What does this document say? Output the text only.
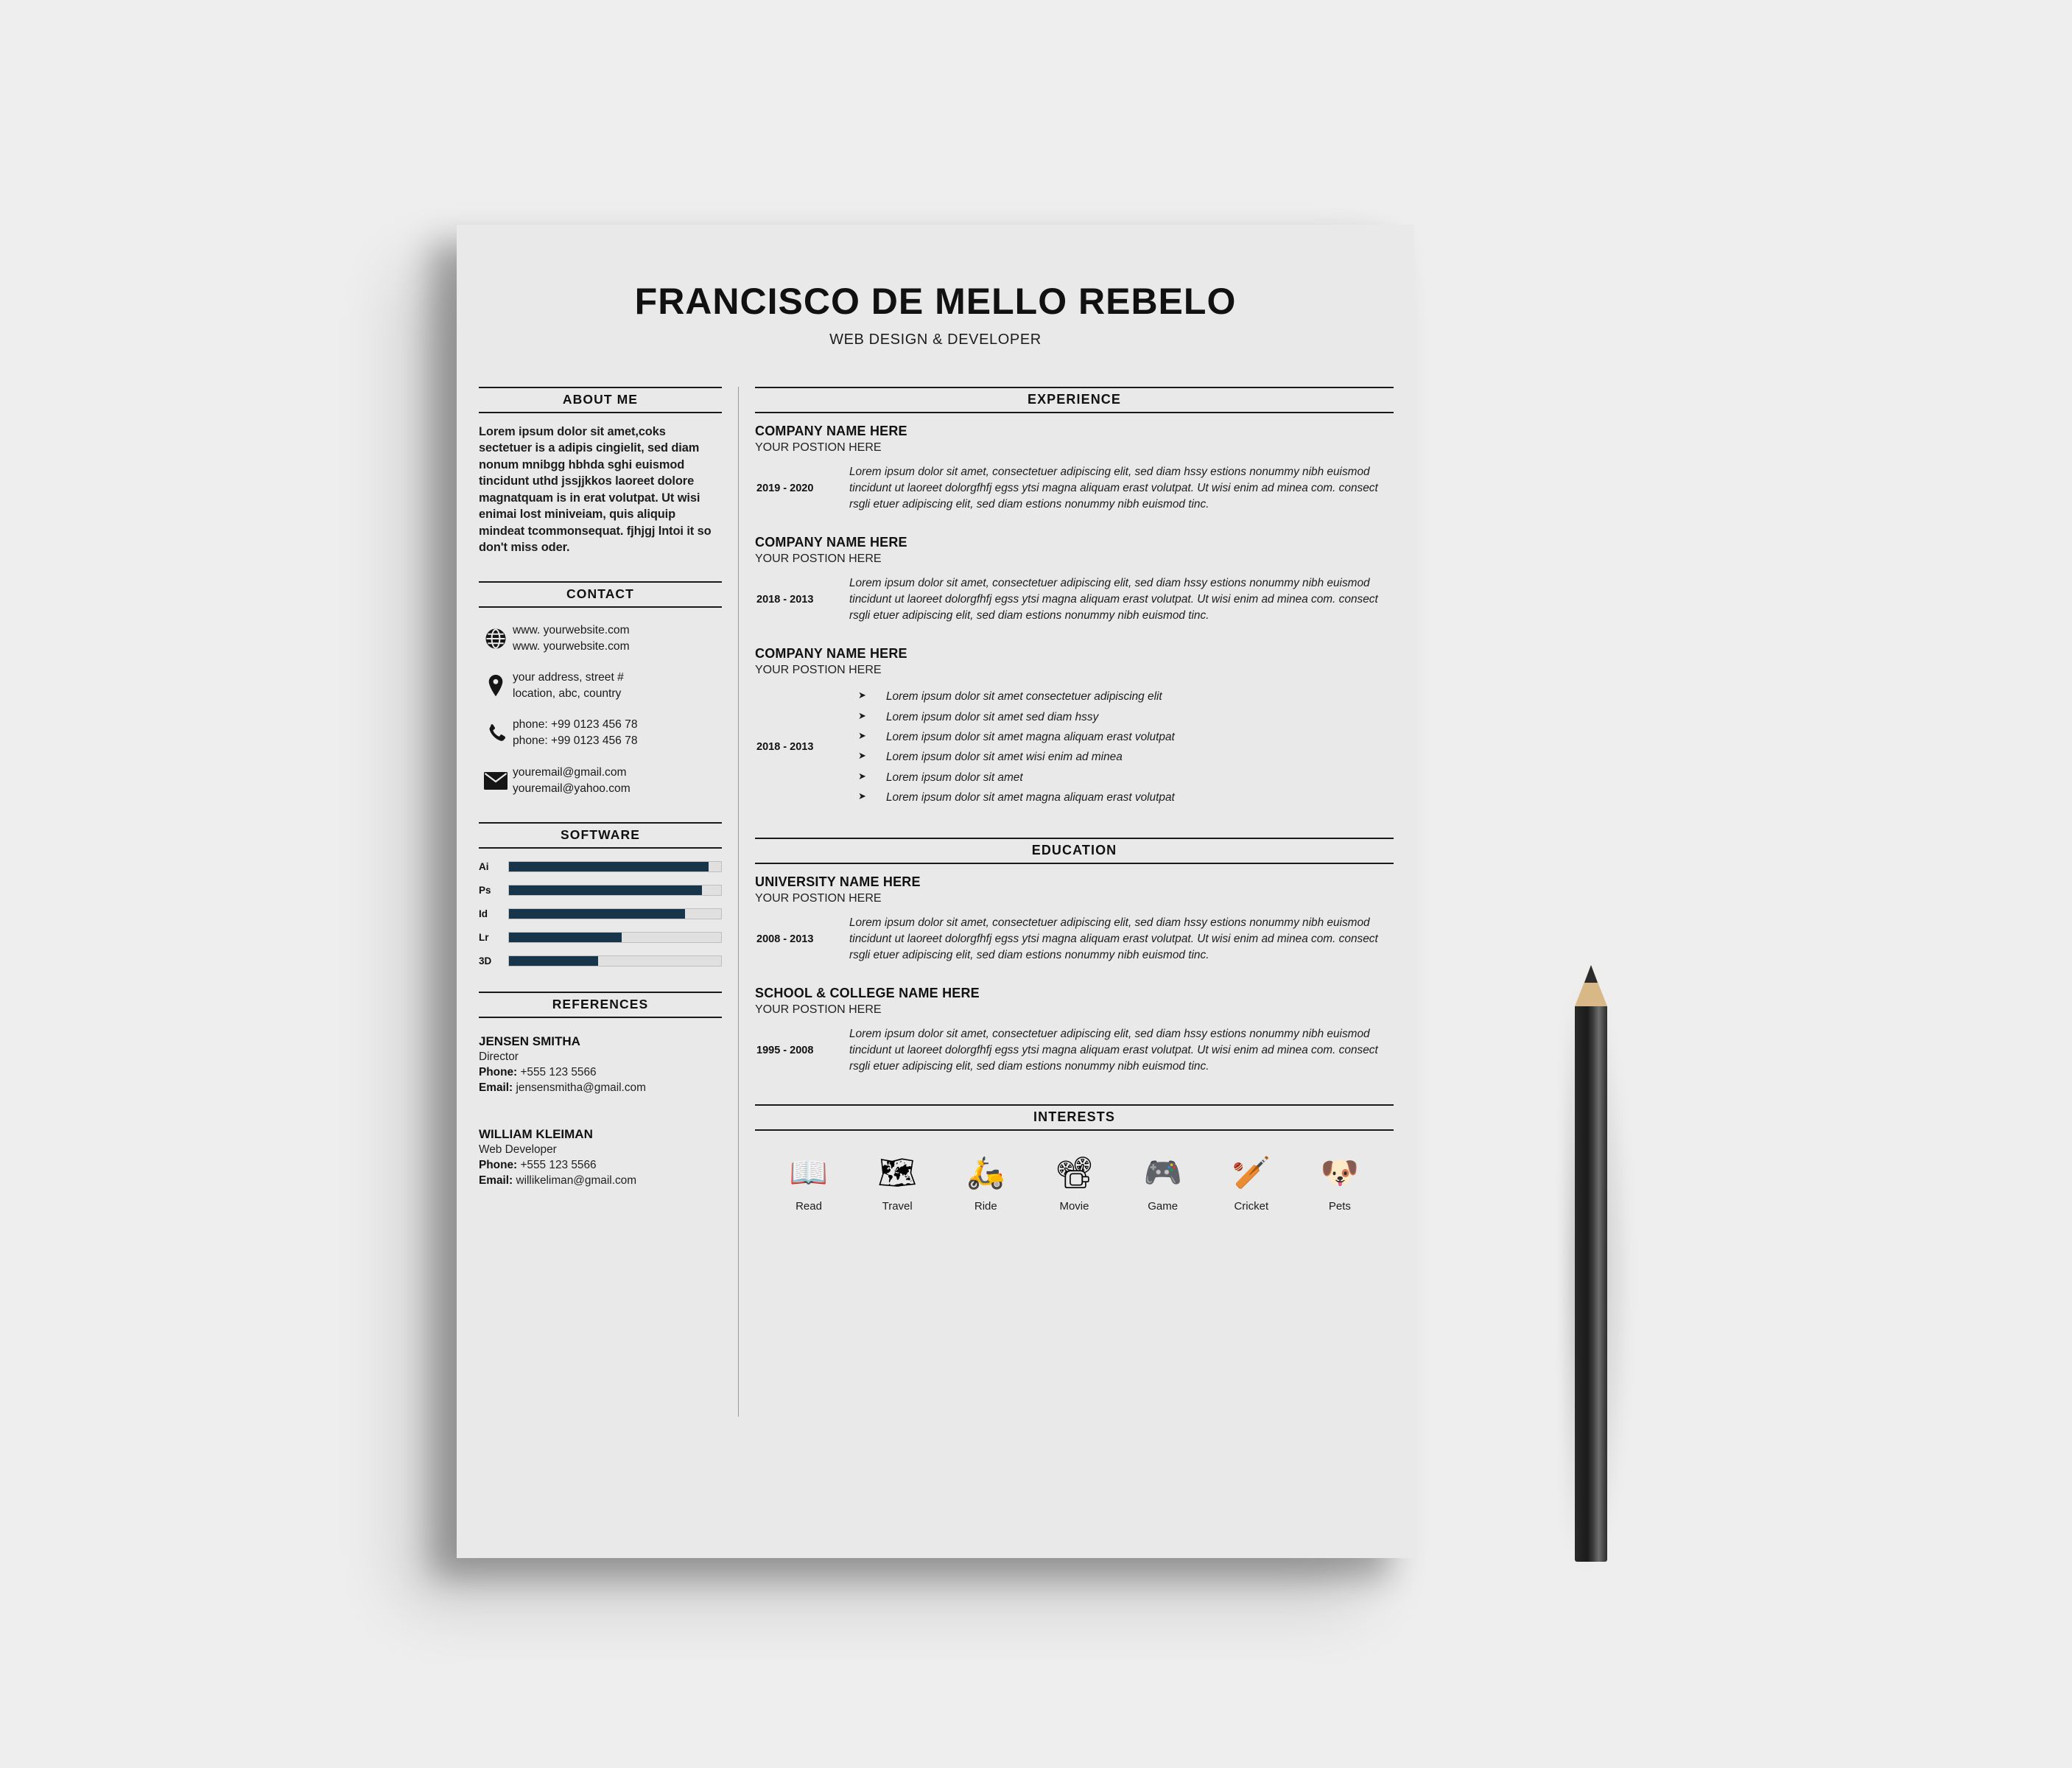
FRANCISCO DE MELLO REBELO
WEB DESIGN & DEVELOPER
ABOUT ME
Lorem ipsum dolor sit amet,coks sectetuer is a adipis cingielit, sed diam nonum mnibgg hbhda sghi euismod tincidunt uthd jssjjkkos laoreet dolore magnatquam is in erat volutpat. Ut wisi enimai lost miniveiam, quis aliquip mindeat tcommonsequat. fjhjgj lntoi it so don't miss oder.
CONTACT
www. yourwebsite.com
www. yourwebsite.com
your address, street #
location, abc, country
phone: +99 0123 456 78
phone: +99 0123 456 78
youremail@gmail.com
youremail@yahoo.com
SOFTWARE
Ai
Ps
Id
Lr
3D
REFERENCES
JENSEN SMITHA
Director
Phone: +555 123 5566
Email: jensensmitha@gmail.com
WILLIAM KLEIMAN
Web Developer
Phone: +555 123 5566
Email: willikeliman@gmail.com
EXPERIENCE
COMPANY NAME HERE
YOUR POSTION HERE
2019 - 2020
Lorem ipsum dolor sit amet, consectetuer adipiscing elit, sed diam hssy estions nonummy nibh euismod tincidunt ut laoreet dolorgfhfj egss ytsi magna aliquam erast volutpat. Ut wisi enim ad minea com. consect rsgli etuer adipiscing elit, sed diam estions nonummy nibh euismod tinc.
COMPANY NAME HERE
YOUR POSTION HERE
2018 - 2013
Lorem ipsum dolor sit amet, consectetuer adipiscing elit, sed diam hssy estions nonummy nibh euismod tincidunt ut laoreet dolorgfhfj egss ytsi magna aliquam erast volutpat. Ut wisi enim ad minea com. consect rsgli etuer adipiscing elit, sed diam estions nonummy nibh euismod tinc.
COMPANY NAME HERE
YOUR POSTION HERE
2018 - 2013
➤ Lorem ipsum dolor sit amet consectetuer adipiscing elit
➤ Lorem ipsum dolor sit amet sed diam hssy
➤ Lorem ipsum dolor sit amet magna aliquam erast volutpat
➤ Lorem ipsum dolor sit amet wisi enim ad minea
➤ Lorem ipsum dolor sit amet
➤ Lorem ipsum dolor sit amet magna aliquam erast volutpat
EDUCATION
UNIVERSITY NAME HERE
YOUR POSTION HERE
2008 - 2013
Lorem ipsum dolor sit amet, consectetuer adipiscing elit, sed diam hssy estions nonummy nibh euismod tincidunt ut laoreet dolorgfhfj egss ytsi magna aliquam erast volutpat. Ut wisi enim ad minea com. consect rsgli etuer adipiscing elit, sed diam estions nonummy nibh euismod tinc.
SCHOOL & COLLEGE NAME HERE
YOUR POSTION HERE
1995 - 2008
Lorem ipsum dolor sit amet, consectetuer adipiscing elit, sed diam hssy estions nonummy nibh euismod tincidunt ut laoreet dolorgfhfj egss ytsi magna aliquam erast volutpat. Ut wisi enim ad minea com. consect rsgli etuer adipiscing elit, sed diam estions nonummy nibh euismod tinc.
INTERESTS
📖
Read
🗺
Travel
🛵
Ride
📽
Movie
🎮
Game
🏏
Cricket
🐶
Pets
